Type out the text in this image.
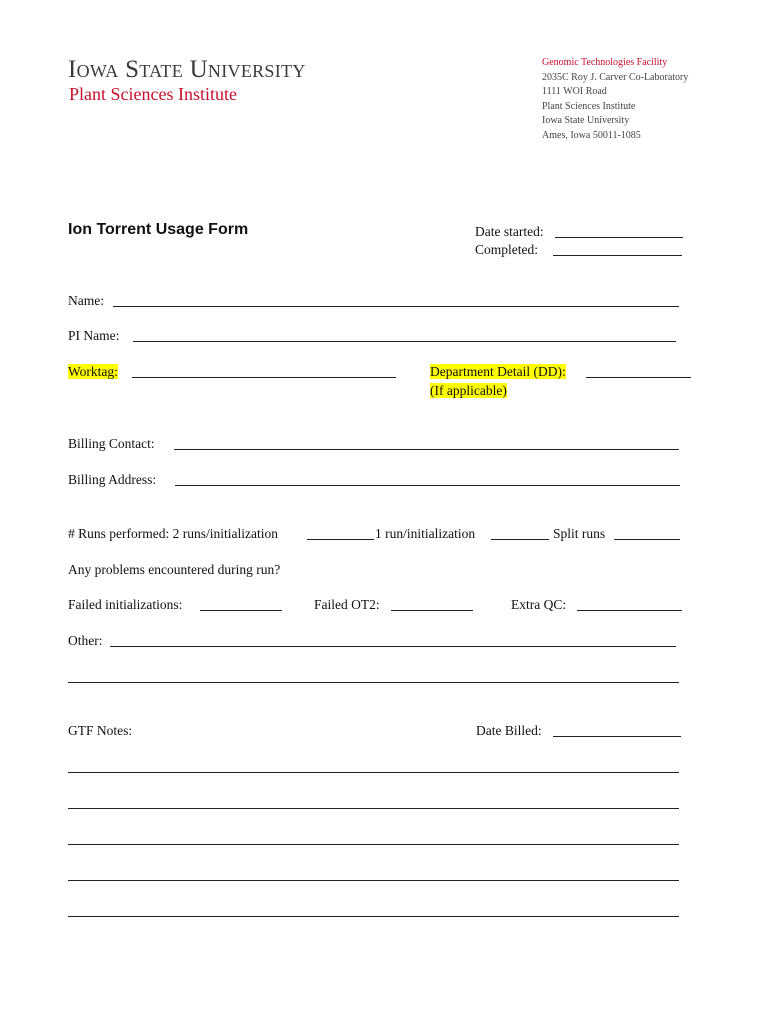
Iowa State University
Plant Sciences Institute
Genomic Technologies Facility
2035C Roy J. Carver Co-Laboratory
1111 WOI Road
Plant Sciences Institute
Iowa State University
Ames, Iowa 50011-1085
Ion Torrent Usage Form	Date started:
Completed:
Name:
PI Name:
Worktag:	Department Detail (DD):
(If applicable)
Billing Contact:
Billing Address:
# Runs performed: 2 runs/initialization	1 run/initialization	Split runs
Any problems encountered during run?
Failed initializations:	Failed OT2:	Extra QC:
Other:
GTF Notes:	Date Billed:
